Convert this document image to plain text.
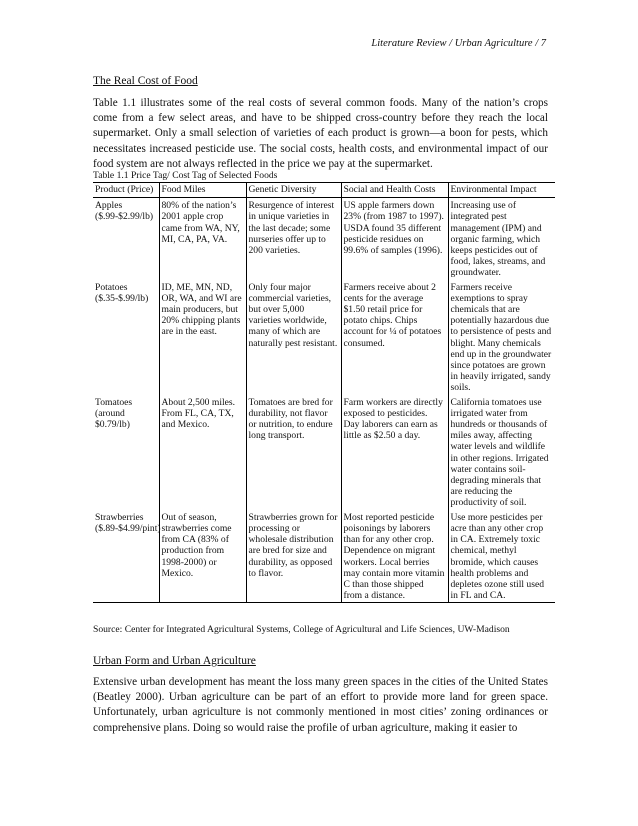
Literature Review / Urban Agriculture / 7
The Real Cost of Food

Table 1.1 illustrates some of the real costs of several common foods. Many of the nation’s crops come from a few select areas, and have to be shipped cross-country before they reach the local supermarket. Only a small selection of varieties of each product is grown—a boon for pests, which necessitates increased pesticide use. The social costs, health costs, and environmental impact of our food system are not always reflected in the price we pay at the supermarket.

Table 1.1 Price Tag/ Cost Tag of Selected Foods
Product (Price)	Food Miles	Genetic Diversity	Social and Health Costs	Environmental Impact
Apples ($.99-$2.99/lb)	80% of the nation’s 2001 apple crop came from WA, NY, MI, CA, PA, VA.	Resurgence of interest in unique varieties in the last decade; some nurseries offer up to 200 varieties.	US apple farmers down 23% (from 1987 to 1997). USDA found 35 different pesticide residues on 99.6% of samples (1996).	Increasing use of integrated pest management (IPM) and organic farming, which keeps pesticides out of food, lakes, streams, and groundwater.
Potatoes ($.35-$.99/lb)	ID, ME, MN, ND, OR, WA, and WI are main producers, but 20% chipping plants are in the east.	Only four major commercial varieties, but over 5,000 varieties worldwide, many of which are naturally pest resistant.	Farmers receive about 2 cents for the average $1.50 retail price for potato chips. Chips account for ¼ of potatoes consumed.	Farmers receive exemptions to spray chemicals that are potentially hazardous due to persistence of pests and blight. Many chemicals end up in the groundwater since potatoes are grown in heavily irrigated, sandy soils.
Tomatoes (around $0.79/lb)	About 2,500 miles. From FL, CA, TX, and Mexico.	Tomatoes are bred for durability, not flavor or nutrition, to endure long transport.	Farm workers are directly exposed to pesticides. Day laborers can earn as little as $2.50 a day.	California tomatoes use irrigated water from hundreds or thousands of miles away, affecting water levels and wildlife in other regions. Irrigated water contains soil-degrading minerals that are reducing the productivity of soil.
Strawberries ($.89-$4.99/pint)	Out of season, strawberries come from CA (83% of production from 1998-2000) or Mexico.	Strawberries grown for processing or wholesale distribution are bred for size and durability, as opposed to flavor.	Most reported pesticide poisonings by laborers than for any other crop. Dependence on migrant workers. Local berries may contain more vitamin C than those shipped from a distance.	Use more pesticides per acre than any other crop in CA. Extremely toxic chemical, methyl bromide, which causes health problems and depletes ozone still used in FL and CA.
Source: Center for Integrated Agricultural Systems, College of Agricultural and Life Sciences, UW-Madison
Urban Form and Urban Agriculture

Extensive urban development has meant the loss many green spaces in the cities of the United States (Beatley 2000). Urban agriculture can be part of an effort to provide more land for green space. Unfortunately, urban agriculture is not commonly mentioned in most cities’ zoning ordinances or comprehensive plans. Doing so would raise the profile of urban agriculture, making it easier to
